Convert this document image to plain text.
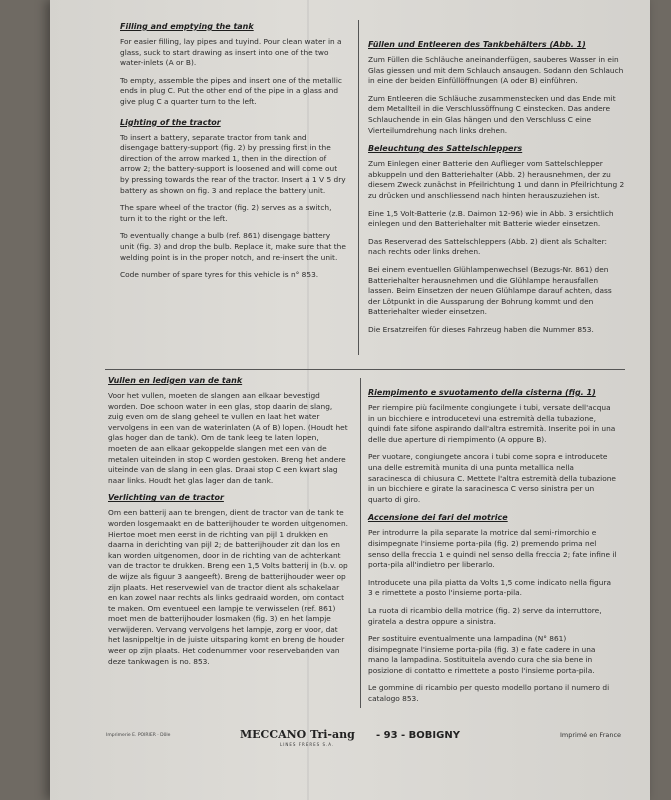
Filling and emptying the tank

For easier filling, lay pipes and tuyind. Pour clean water in a glass, suck to start drawing as insert into one of the two water-inlets (A or B).

To empty, assemble the pipes and insert one of the metallic ends in plug C. Put the other end of the pipe in a glass and give plug C a quarter turn to the left.

Lighting of the tractor

To insert a battery, separate tractor from tank and disengage battery-support (fig. 2) by pressing first in the direction of the arrow marked 1, then in the direction of arrow 2; the battery-support is loosened and will come out by pressing towards the rear of the tractor. Insert a 1 V 5 dry battery as shown on fig. 3 and replace the battery unit.

The spare wheel of the tractor (fig. 2) serves as a switch, turn it to the right or the left.

To eventually change a bulb (ref. 861) disengage battery unit (fig. 3) and drop the bulb. Replace it, make sure that the welding point is in the proper notch, and re-insert the unit.

Code number of spare tyres for this vehicle is n° 853.

Füllen und Entleeren des Tankbehälters (Abb. 1)

Zum Füllen die Schläuche aneinanderfügen, sauberes Wasser in ein Glas giessen und mit dem Schlauch ansaugen. Sodann den Schlauch in eine der beiden Einfüllöffnungen (A oder B) einführen.

Zum Entleeren die Schläuche zusammenstecken und das Ende mit dem Metallteil in die Verschlussöffnung C einstecken. Das andere Schlauchende in ein Glas hängen und den Verschluss C eine Vierteilumdrehung nach links drehen.

Beleuchtung des Sattelschleppers

Zum Einlegen einer Batterie den Auflieger vom Sattelschlepper abkuppeln und den Batteriehalter (Abb. 2) herausnehmen, der zu diesem Zweck zunächst in Pfeilrichtung 1 und dann in Pfeilrichtung 2 zu drücken und anschliessend nach hinten herauszuziehen ist.

Eine 1,5 Volt-Batterie (z.B. Daimon 12-96) wie in Abb. 3 ersichtlich einlegen und den Batteriehalter mit Batterie wieder einsetzen.

Das Reserverad des Sattelschleppers (Abb. 2) dient als Schalter: nach rechts oder links drehen.

Bei einem eventuellen Glühlampenwechsel (Bezugs-Nr. 861) den Batteriehalter herausnehmen und die Glühlampe herausfallen lassen. Beim Einsetzen der neuen Glühlampe darauf achten, dass der Lötpunkt in die Aussparung der Bohrung kommt und den Batteriehalter wieder einsetzen.

Die Ersatzreifen für dieses Fahrzeug haben die Nummer 853.

Vullen en ledigen van de tank

Voor het vullen, moeten de slangen aan elkaar bevestigd worden. Doe schoon water in een glas, stop daarin de slang, zuig even om de slang geheel te vullen en laat het water vervolgens in een van de waterinlaten (A of B) lopen. (Houdt het glas hoger dan de tank). Om de tank leeg te laten lopen, moeten de aan elkaar gekoppelde slangen met een van de metalen uiteinden in stop C worden gestoken. Breng het andere uiteinde van de slang in een glas. Draai stop C een kwart slag naar links. Houdt het glas lager dan de tank.

Verlichting van de tractor

Om een batterij aan te brengen, dient de tractor van de tank te worden losgemaakt en de batterijhouder te worden uitgenomen. Hiertoe moet men eerst in de richting van pijl 1 drukken en daarna in derichting van pijl 2; de batterijhouder zit dan los en kan worden uitgenomen, door in de richting van de achterkant van de tractor te drukken. Breng een 1,5 Volts batterij in (b.v. op de wijze als figuur 3 aangeeft). Breng de batterijhouder weer op zijn plaats. Het reservewiel van de tractor dient als schakelaar en kan zowel naar rechts als links gedraaid worden, om contact te maken. Om eventueel een lampje te verwisselen (ref. 861) moet men de batterijhouder losmaken (fig. 3) en het lampje verwijderen. Vervang vervolgens het lampje, zorg er voor, dat het lasnippeltje in de juiste uitsparing komt en breng de houder weer op zijn plaats. Het codenummer voor reservebanden van deze tankwagen is no. 853.

Riempimento e svuotamento della cisterna (fig. 1)

Per riempire più facilmente congiungete i tubi, versate dell'acqua in un bicchiere e introducetevi una estremità della tubazione, quindi fate sifone aspirando dall'altra estremità. Inserite poi in una delle due aperture di riempimento (A oppure B).

Per vuotare, congiungete ancora i tubi come sopra e introducete una delle estremità munita di una punta metallica nella saracinesca di chiusura C. Mettete l'altra estremità della tubazione in un bicchiere e girate la saracinesca C verso sinistra per un quarto di giro.

Accensione dei fari del motrice

Per introdurre la pila separate la motrice dal semi-rimorchio e disimpegnate l'insieme porta-pila (fig. 2) premendo prima nel senso della freccia 1 e quindi nel senso della freccia 2; fate infine il porta-pila all'indietro per liberarlo.

Introducete una pila piatta da Volts 1,5 come indicato nella figura 3 e rimettete a posto l'insieme porta-pila.

La ruota di ricambio della motrice (fig. 2) serve da interruttore, giratela a destra oppure a sinistra.

Per sostituire eventualmente una lampadina (N° 861) disimpegnate l'insieme porta-pila (fig. 3) e fate cadere in una mano la lampadina. Sostituitela avendo cura che sia bene in posizione di contatto e rimettete a posto l'insieme porta-pila.

Le gommine di ricambio per questo modello portano il numero di catalogo 853.

Imprimerie E. POIRIER · Dôle	MECCANO Tri-ang
LINES FRERES S.A.
- 93 - BOBIGNY	Imprimé en France
